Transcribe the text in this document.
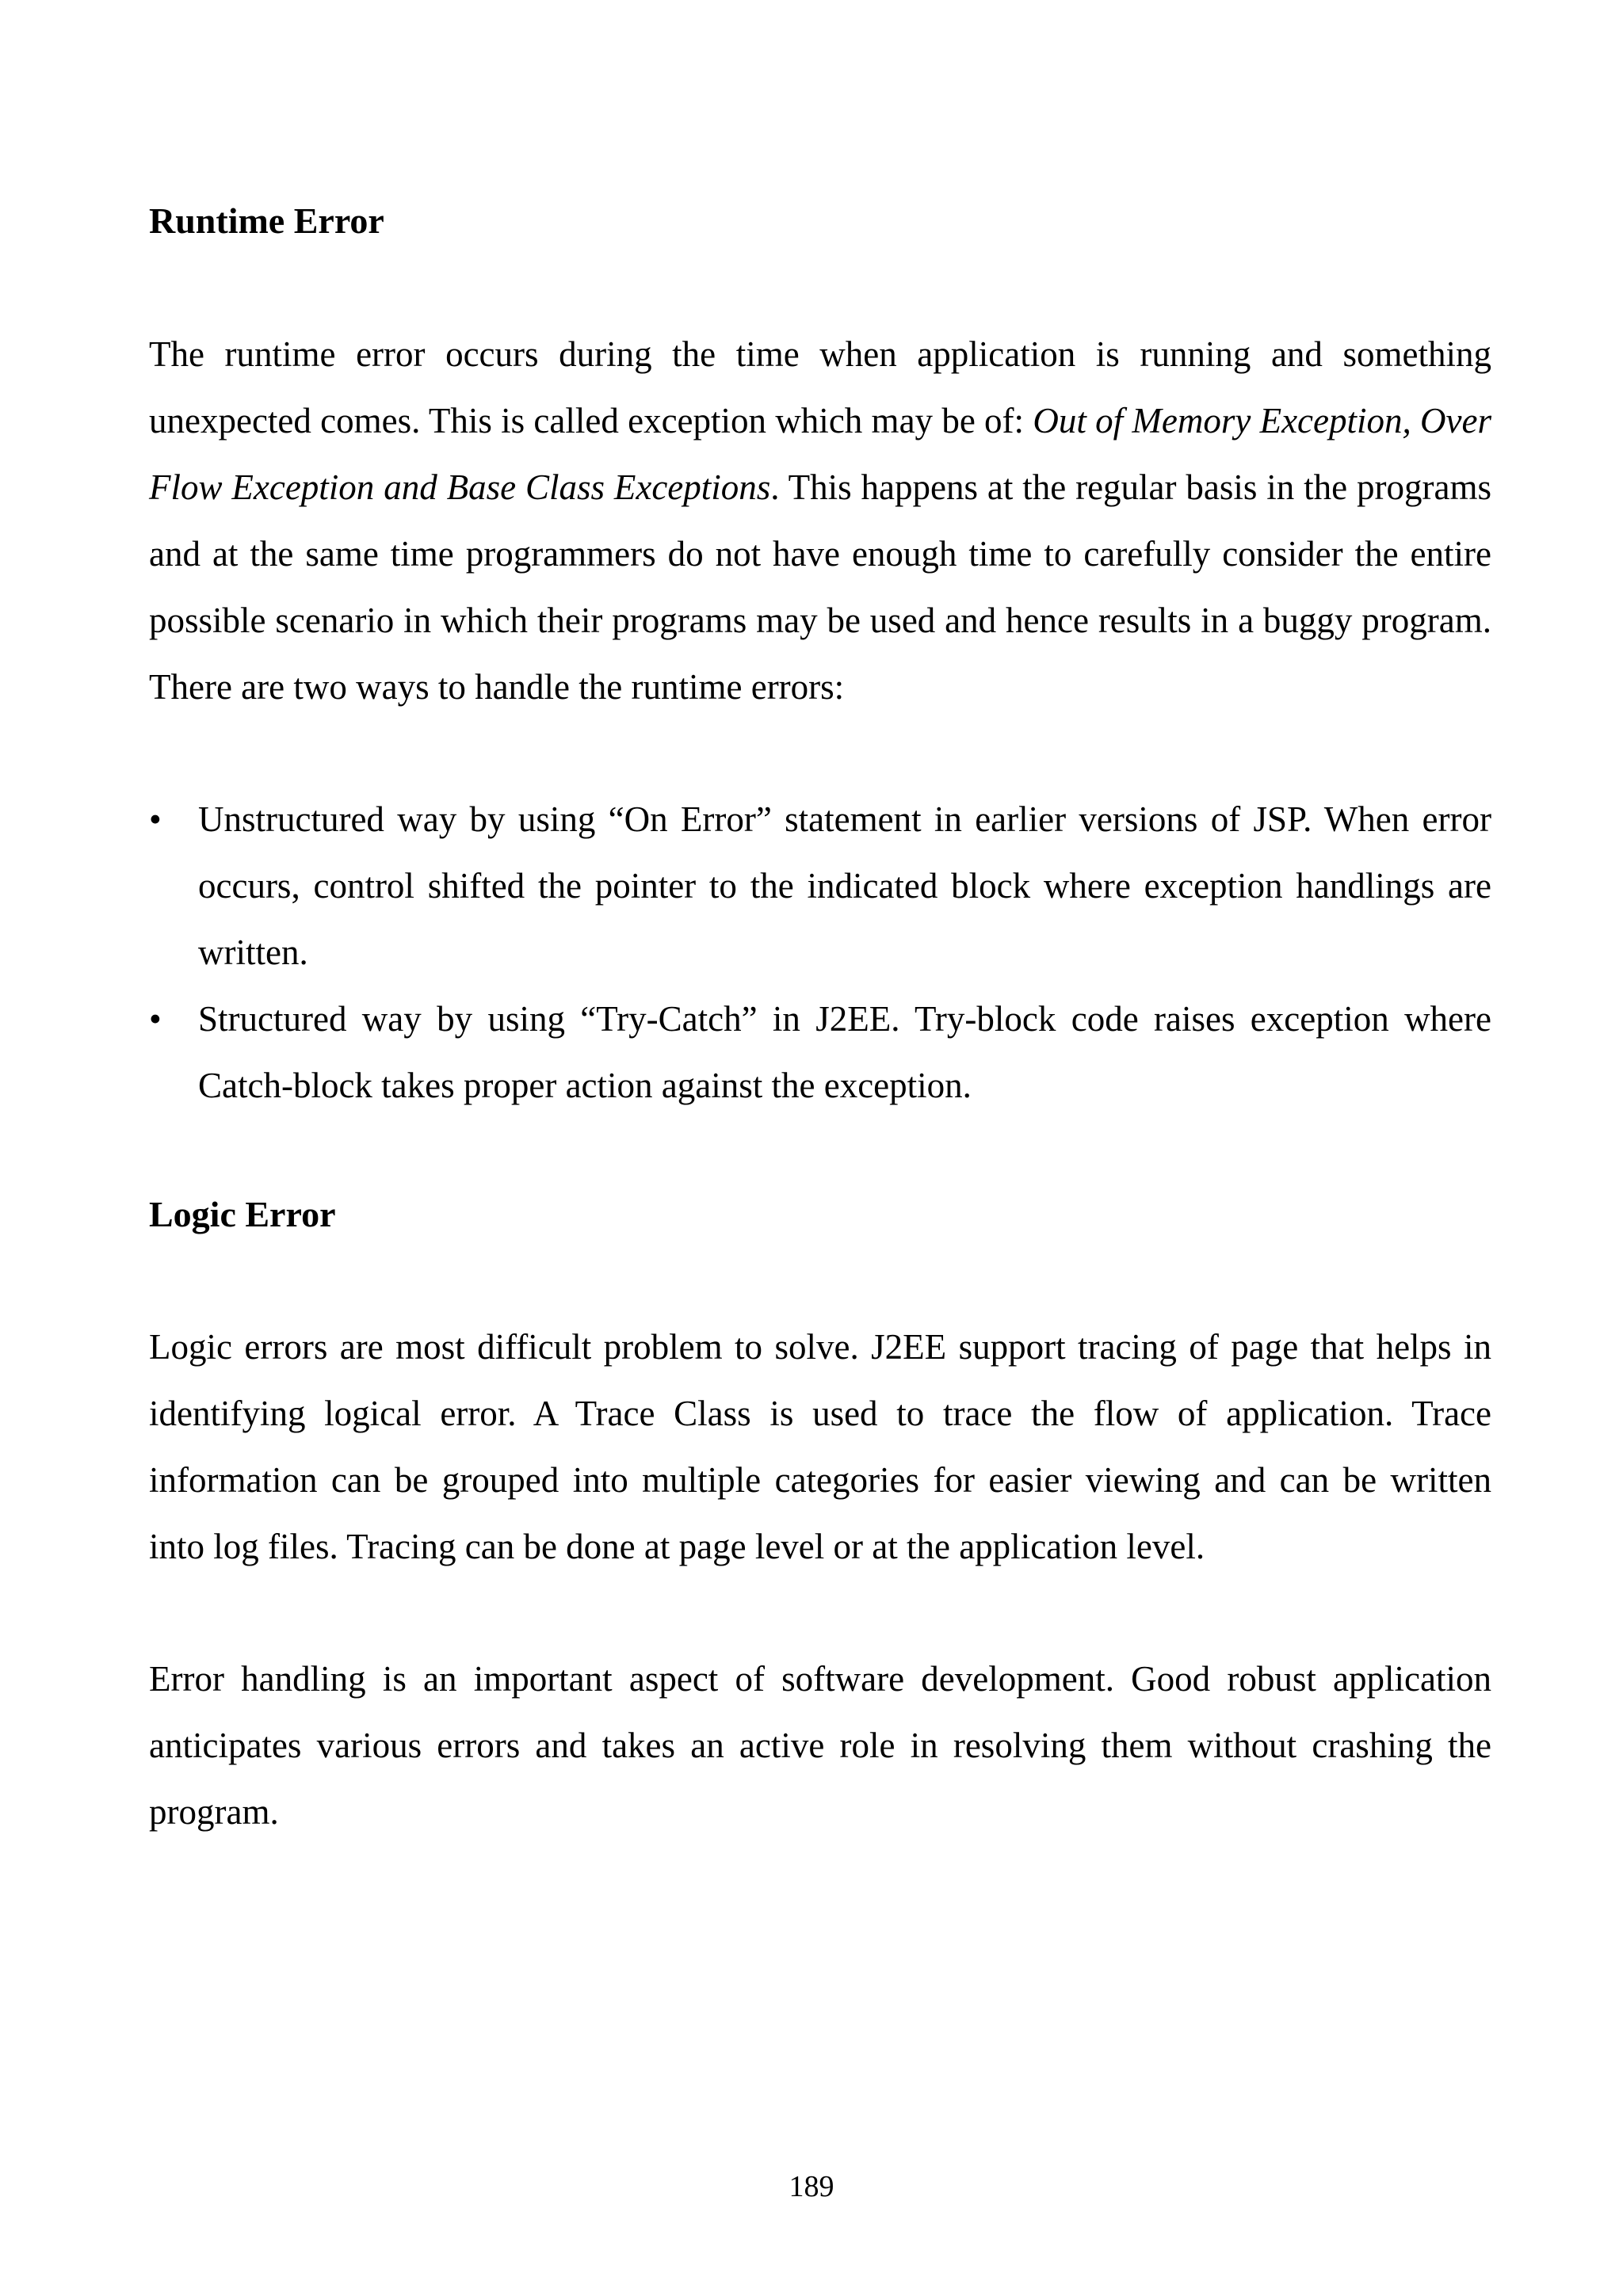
Runtime Error

The runtime error occurs during the time when application is running and something unexpected comes. This is called exception which may be of: Out of Memory Exception, Over Flow Exception and Base Class Exceptions. This happens at the regular basis in the programs and at the same time programmers do not have enough time to carefully consider the entire possible scenario in which their programs may be used and hence results in a buggy program. There are two ways to handle the runtime errors:

•	Unstructured way by using “On Error” statement in earlier versions of JSP. When error occurs, control shifted the pointer to the indicated block where exception handlings are written.
•	Structured way by using “Try-Catch” in J2EE. Try-block code raises exception where Catch-block takes proper action against the exception.
Logic Error

Logic errors are most difficult problem to solve. J2EE support tracing of page that helps in identifying logical error. A Trace Class is used to trace the flow of application. Trace information can be grouped into multiple categories for easier viewing and can be written into log files. Tracing can be done at page level or at the application level.

Error handling is an important aspect of software development. Good robust application anticipates various errors and takes an active role in resolving them without crashing the program.

189
